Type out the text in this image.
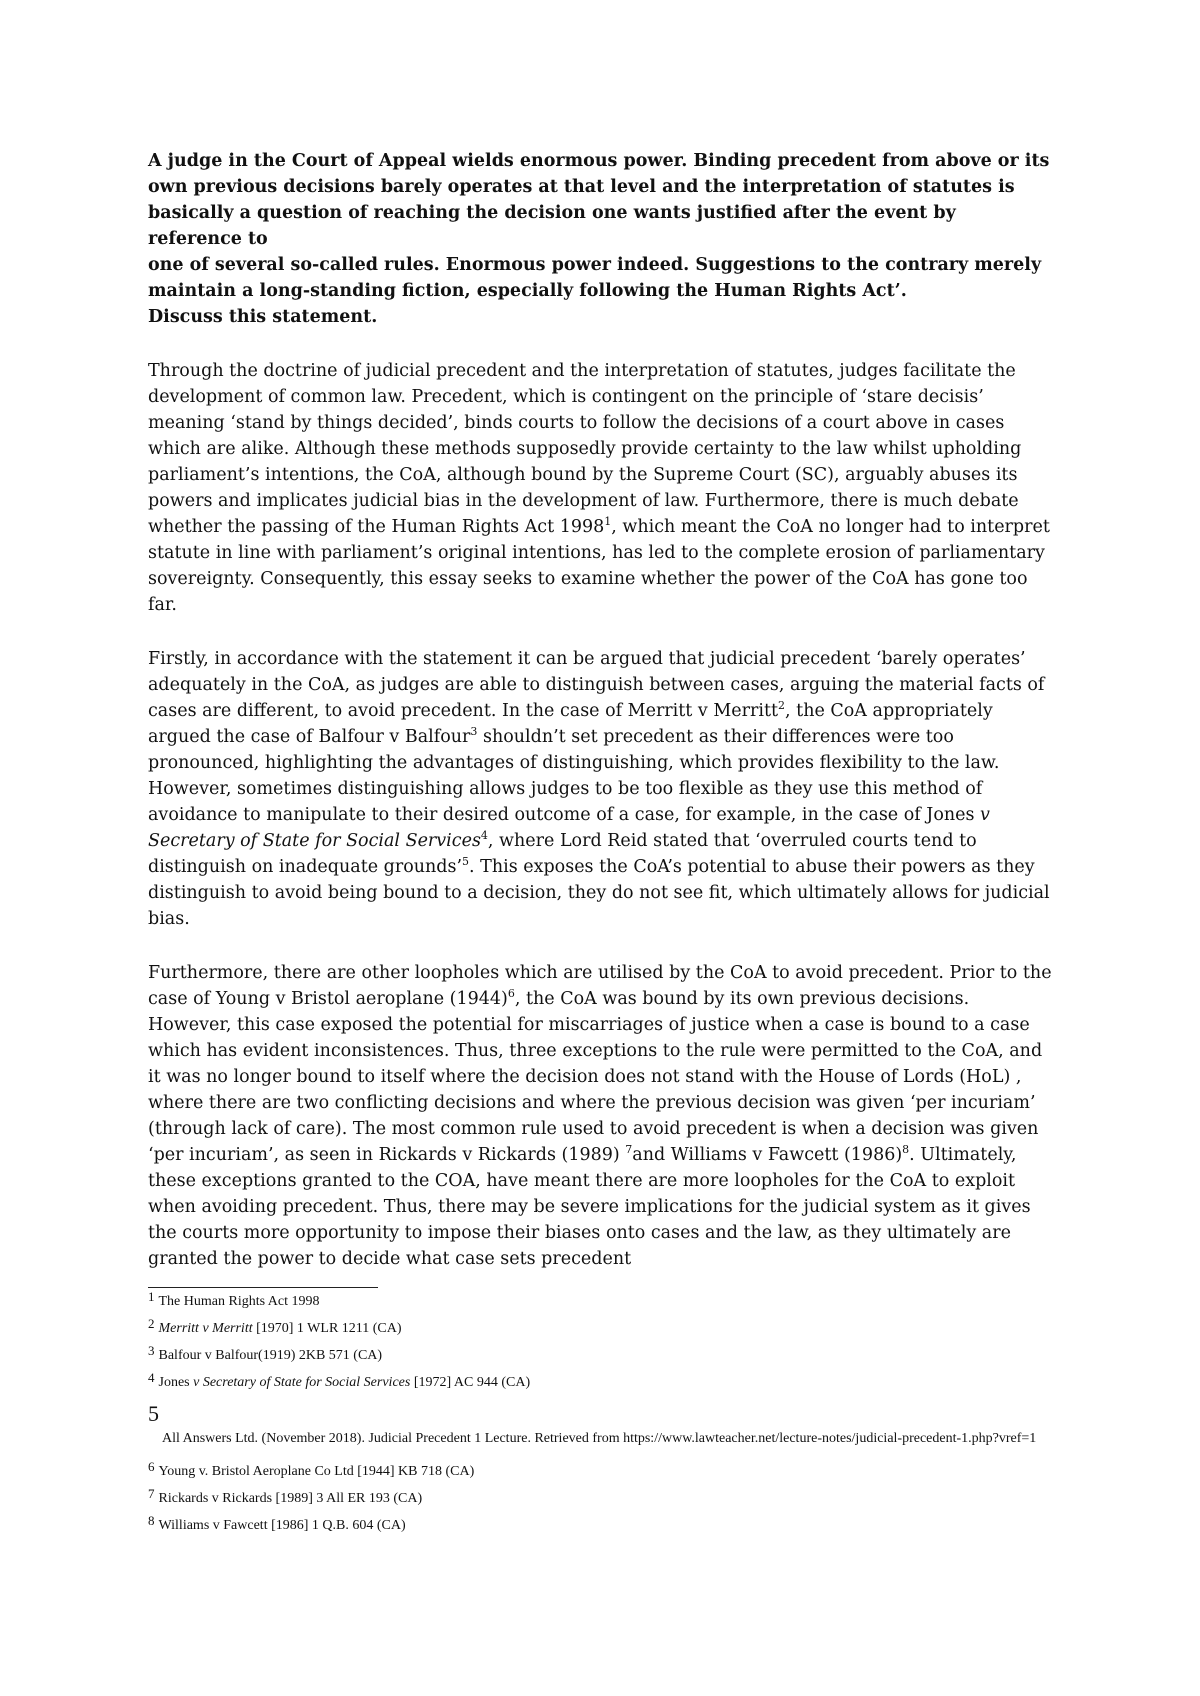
A judge in the Court of Appeal wields enormous power. Binding precedent from above or its
own previous decisions barely operates at that level and the interpretation of statutes is
basically a question of reaching the decision one wants justified after the event by reference to
one of several so-called rules. Enormous power indeed. Suggestions to the contrary merely
maintain a long-standing fiction, especially following the Human Rights Act’.
Discuss this statement.

Through the doctrine of judicial precedent and the interpretation of statutes, judges facilitate the development of common law. Precedent, which is contingent on the principle of ‘stare decisis’ meaning ‘stand by things decided’, binds courts to follow the decisions of a court above in cases which are alike. Although these methods supposedly provide certainty to the law whilst upholding parliament’s intentions, the CoA, although bound by the Supreme Court (SC), arguably abuses its powers and implicates judicial bias in the development of law. Furthermore, there is much debate whether the passing of the Human Rights Act 1998$^1$, which meant the CoA no longer had to interpret statute in line with parliament’s original intentions, has led to the complete erosion of parliamentary sovereignty. Consequently, this essay seeks to examine whether the power of the CoA has gone too far.

Firstly, in accordance with the statement it can be argued that judicial precedent ‘barely operates’ adequately in the CoA, as judges are able to distinguish between cases, arguing the material facts of cases are different, to avoid precedent. In the case of Merritt v Merritt$^2$, the CoA appropriately argued the case of Balfour v Balfour$^3$ shouldn’t set precedent as their differences were too pronounced, highlighting the advantages of distinguishing, which provides flexibility to the law. However, sometimes distinguishing allows judges to be too flexible as they use this method of avoidance to manipulate to their desired outcome of a case, for example, in the case of Jones v Secretary of State for Social Services$^4$, where Lord Reid stated that ‘overruled courts tend to distinguish on inadequate grounds’$^5$. This exposes the CoA’s potential to abuse their powers as they distinguish to avoid being bound to a decision, they do not see fit, which ultimately allows for judicial bias.

Furthermore, there are other loopholes which are utilised by the CoA to avoid precedent. Prior to the case of Young v Bristol aeroplane $(1944)^6$, the CoA was bound by its own previous decisions. However, this case exposed the potential for miscarriages of justice when a case is bound to a case which has evident inconsistences. Thus, three exceptions to the rule were permitted to the CoA, and it was no longer bound to itself where the decision does not stand with the House of Lords (HoL) , where there are two conflicting decisions and where the previous decision was given ‘per incuriam’ (through lack of care). The most common rule used to avoid precedent is when a decision was given ‘per incuriam’, as seen in Rickards v Rickards (1989) $^7$and Williams v Fawcett $(1986)^8$. Ultimately, these exceptions granted to the COA, have meant there are more loopholes for the CoA to exploit when avoiding precedent. Thus, there may be severe implications for the judicial system as it gives the courts more opportunity to impose their biases onto cases and the law, as they ultimately are granted the power to decide what case sets precedent

$^1$ The Human Rights Act 1998
$^2$ Merritt v Merritt [1970] 1 WLR 1211 (CA)
$^3$ Balfour v Balfour(1919) 2KB 571 (CA)
$^4$ Jones v Secretary of State for Social Services [1972] AC 944 (CA)
5
All Answers Ltd. (November 2018). Judicial Precedent 1 Lecture. Retrieved from https://www.lawteacher.net/lecture-notes/judicial-precedent-1.php?vref=1
$^6$ Young v. Bristol Aeroplane Co Ltd [1944] KB 718 (CA)
$^7$ Rickards v Rickards [1989] 3 All ER 193 (CA)
$^8$ Williams v Fawcett [1986] 1 Q.B. 604 (CA)
